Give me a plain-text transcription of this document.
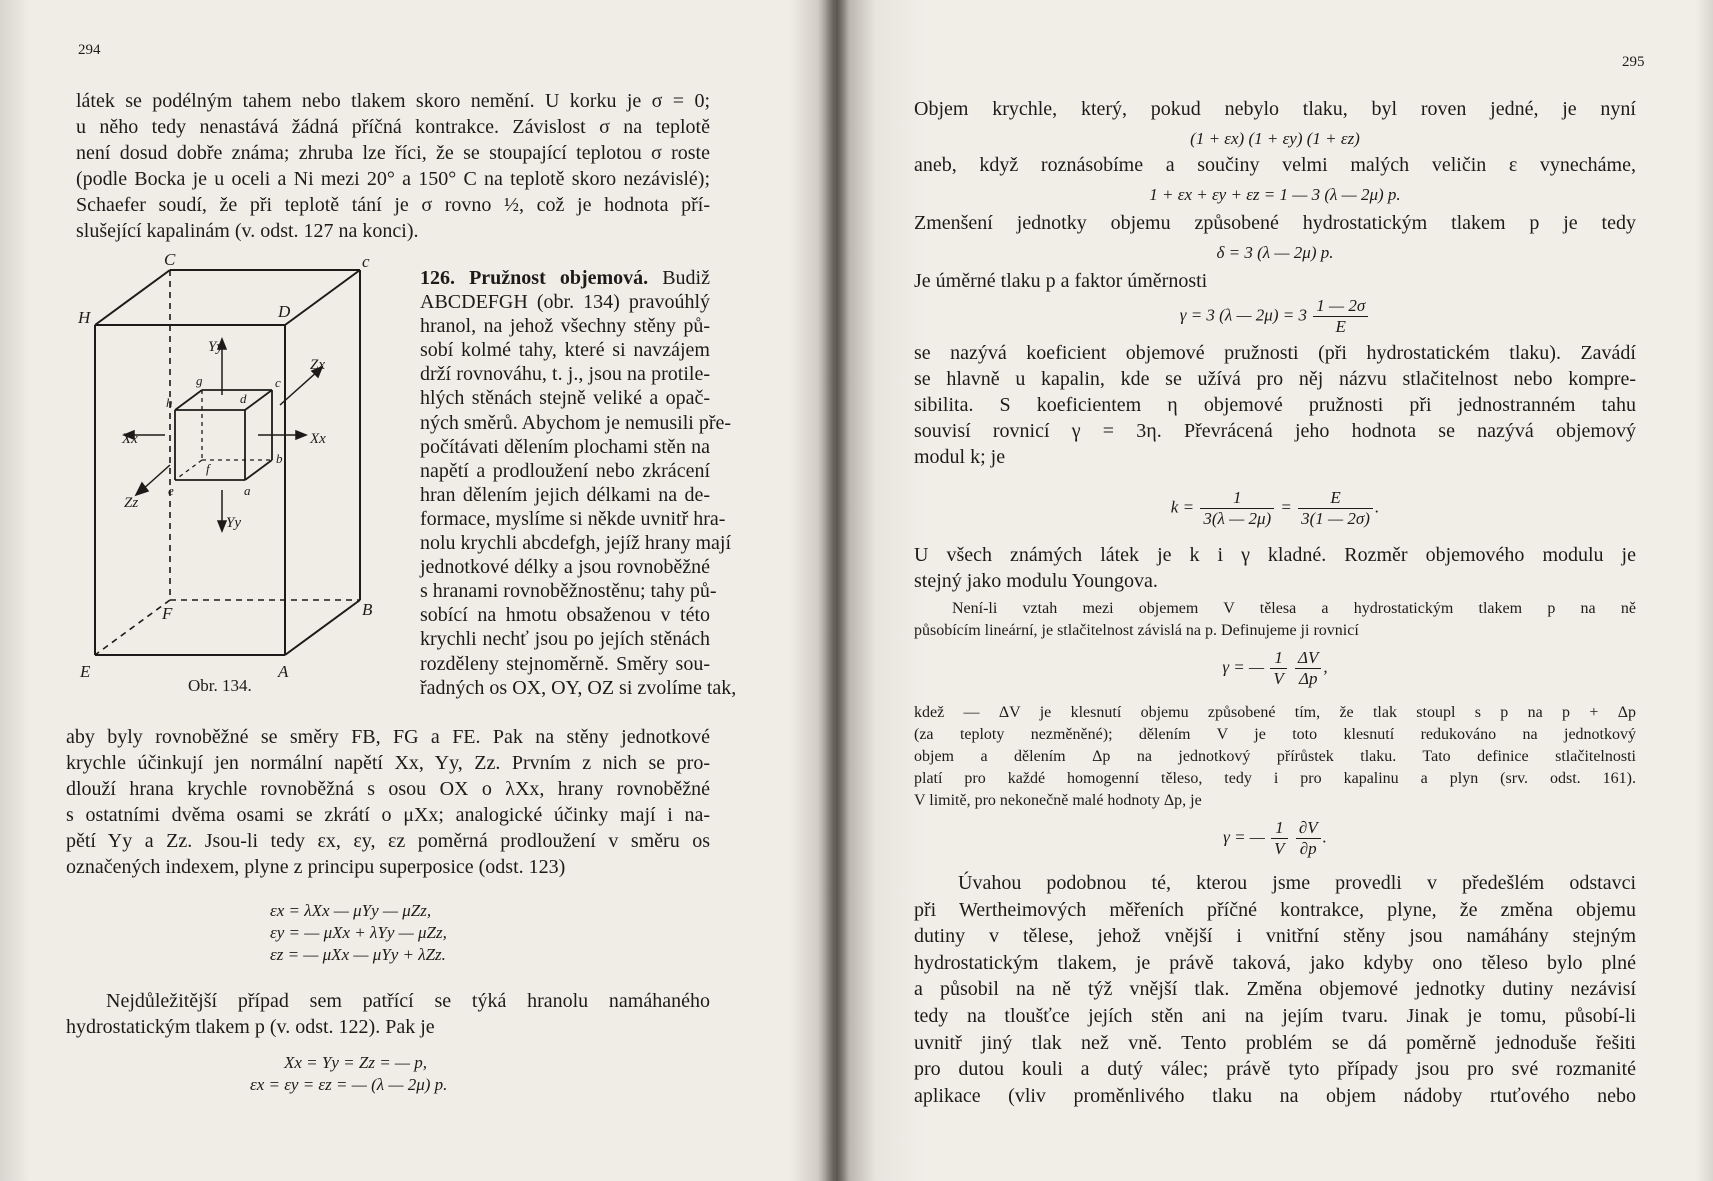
294
látek se podélným tahem nebo tlakem skoro nemění. U korku je σ = 0;
u něho tedy nenastává žádná příčná kontrakce. Závislost σ na teplotě
není dosud dobře známa; zhruba lze říci, že se stoupající teplotou σ roste
(podle Bocka je u oceli a Ni mezi 20° a 150° C na teplotě skoro nezávislé);
Schaefer soudí, že při teplotě tání je σ rovno ½, což je hodnota pří-
slušející kapalinám (v. odst. 127 na konci).
C	c
H	D
F	B
E	A
g
h	d
c
f
b
e	a
Yy
Yy
Xx	Xx
Zx
Zz
Obr. 134.
126. Pružnost objemová. Budiž
ABCDEFGH (obr. 134) pravoúhlý
hranol, na jehož všechny stěny pů-
sobí kolmé tahy, které si navzájem
drží rovnováhu, t. j., jsou na protile-
hlých stěnách stejně veliké a opač-
ných směrů. Abychom je nemusili pře-
počítávati dělením plochami stěn na
napětí a prodloužení nebo zkrácení
hran dělením jejich délkami na de-
formace, myslíme si někde uvnitř hra-
nolu krychli abcdefgh, jejíž hrany mají
jednotkové délky a jsou rovnoběžné
s hranami rovnoběžnostěnu; tahy pů-
sobící na hmotu obsaženou v této
krychli nechť jsou po jejích stěnách
rozděleny stejnoměrně. Směry sou-
řadných os OX, OY, OZ si zvolíme tak,
aby byly rovnoběžné se směry FB, FG a FE. Pak na stěny jednotkové
krychle účinkují jen normální napětí Xx, Yy, Zz. Prvním z nich se pro-
dlouží hrana krychle rovnoběžná s osou OX o λXx, hrany rovnoběžné
s ostatními dvěma osami se zkrátí o μXx; analogické účinky mají i na-
pětí Yy a Zz. Jsou-li tedy εx, εy, εz poměrná prodloužení v směru os
označených indexem, plyne z principu superposice (odst. 123)
εx = λXx — μYy — μZz,
εy = — μXx + λYy — μZz,
εz = — μXx — μYy + λZz.
Nejdůležitější případ sem patřící se týká hranolu namáhaného
hydrostatickým tlakem p (v. odst. 122). Pak je
Xx = Yy = Zz = — p,
εx = εy = εz = — (λ — 2μ) p.
295
Objem krychle, který, pokud nebylo tlaku, byl roven jedné, je nyní
(1 + εx) (1 + εy) (1 + εz)
aneb, když roznásobíme a součiny velmi malých veličin ε vynecháme,
1 + εx + εy + εz = 1 — 3 (λ — 2μ) p.
Zmenšení jednotky objemu způsobené hydrostatickým tlakem p je tedy
δ = 3 (λ — 2μ) p.
Je úměrné tlaku p a faktor úměrnosti
γ = 3 (λ — $2\mu) = 3 \frac{1 — 2\sigma}{E}$
se nazývá koeficient objemové pružnosti (při hydrostatickém tlaku). Zavádí
se hlavně u kapalin, kde se užívá pro něj názvu stlačitelnost nebo kompre-
sibilita. S koeficientem η objemové pružnosti při jednostranném tahu
souvisí rovnicí γ = 3η. Převrácená jeho hodnota se nazývá objemový
modul k; je
$k = \frac{1}{3(\lambda — 2\mu)} = \frac{E}{3(1 — 2\sigma)}$ .
U všech známých látek je k i γ kladné. Rozměr objemového modulu je
stejný jako modulu Youngova.
Není-li vztah mezi objemem V tělesa a hydrostatickým tlakem p na ně
působícím lineární, je stlačitelnost závislá na p. Definujeme ji rovnicí
γ = — $\frac{1}{V}$
$\frac{\Delta V}{\Delta p}$ ,
kdež — ΔV je klesnutí objemu způsobené tím, že tlak stoupl s p na p + Δp
(za teploty nezměněné); dělením V je toto klesnutí redukováno na jednotkový
objem a dělením Δp na jednotkový přírůstek tlaku. Tato definice stlačitelnosti
platí pro každé homogenní těleso, tedy i pro kapalinu a plyn (srv. odst. 161).
V limitě, pro nekonečně malé hodnoty Δp, je
γ = — $\frac{1}{V}$
$\frac{\partial V}{\partial p}$ .
Úvahou podobnou té, kterou jsme provedli v předešlém odstavci
při Wertheimových měřeních příčné kontrakce, plyne, že změna objemu
dutiny v tělese, jehož vnější i vnitřní stěny jsou namáhány stejným
hydrostatickým tlakem, je právě taková, jako kdyby ono těleso bylo plné
a působil na ně týž vnější tlak. Změna objemové jednotky dutiny nezávisí
tedy na tloušťce jejích stěn ani na jejím tvaru. Jinak je tomu, působí-li
uvnitř jiný tlak než vně. Tento problém se dá poměrně jednoduše řešiti
pro dutou kouli a dutý válec; právě tyto případy jsou pro své rozmanité
aplikace (vliv proměnlivého tlaku na objem nádoby rtuťového nebo
